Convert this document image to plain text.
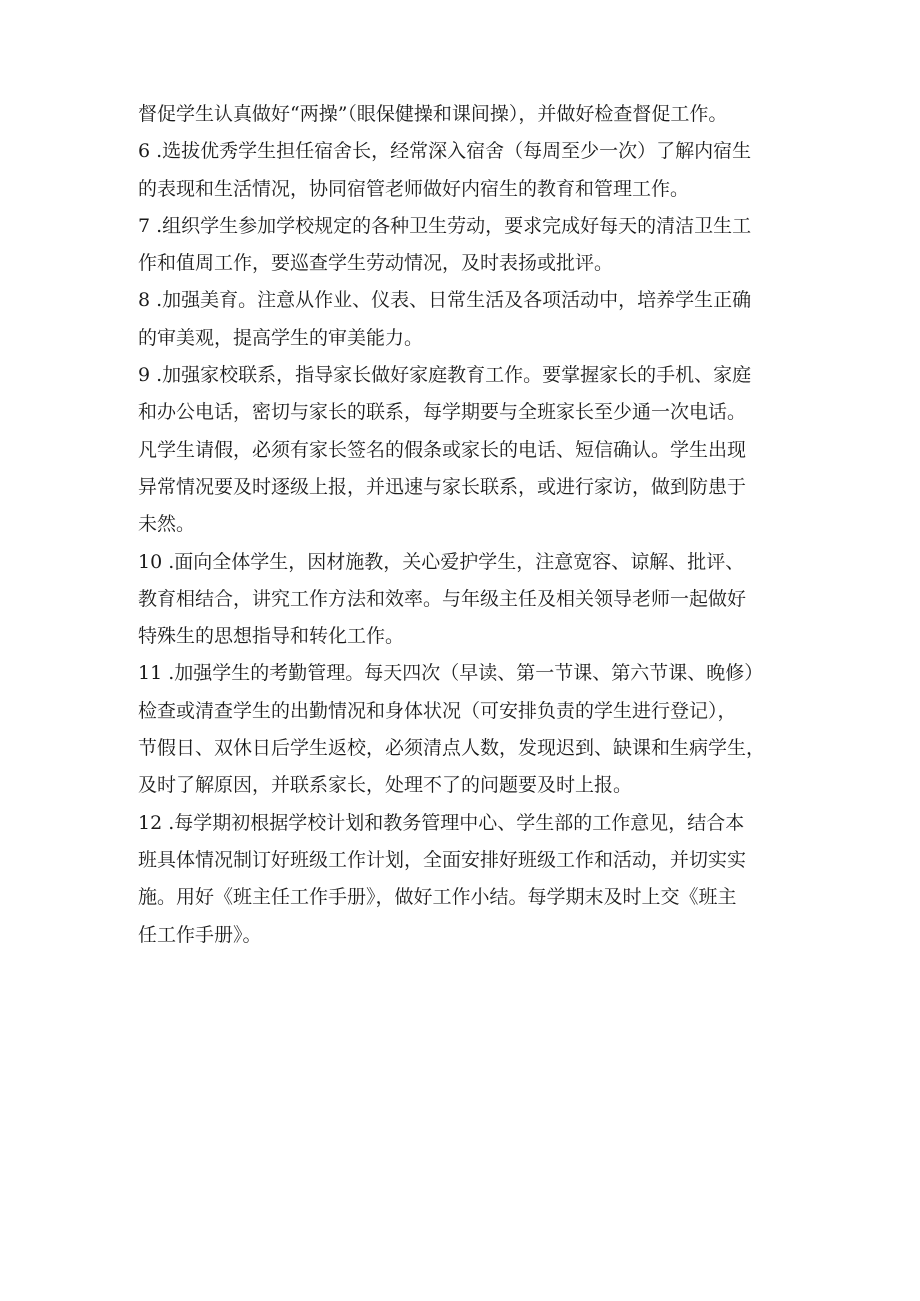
督促学生认真做好“两操”（眼保健操和课间操），并做好检查督促工作。

6 .选拔优秀学生担任宿舍长，经常深入宿舍（每周至少一次）了解内宿生

的表现和生活情况，协同宿管老师做好内宿生的教育和管理工作。

7 .组织学生参加学校规定的各种卫生劳动，要求完成好每天的清洁卫生工

作和值周工作，要巡查学生劳动情况，及时表扬或批评。

8 .加强美育。注意从作业、仪表、日常生活及各项活动中，培养学生正确

的审美观，提高学生的审美能力。

9 .加强家校联系，指导家长做好家庭教育工作。要掌握家长的手机、家庭

和办公电话，密切与家长的联系，每学期要与全班家长至少通一次电话。

凡学生请假，必须有家长签名的假条或家长的电话、短信确认。学生出现

异常情况要及时逐级上报，并迅速与家长联系，或进行家访，做到防患于

未然。

10 .面向全体学生，因材施教，关心爱护学生，注意宽容、谅解、批评、

教育相结合，讲究工作方法和效率。与年级主任及相关领导老师一起做好

特殊生的思想指导和转化工作。

11 .加强学生的考勤管理。每天四次（早读、第一节课、第六节课、晚修）

检查或清查学生的出勤情况和身体状况（可安排负责的学生进行登记），

节假日、双休日后学生返校，必须清点人数，发现迟到、缺课和生病学生，

及时了解原因，并联系家长，处理不了的问题要及时上报。

12 .每学期初根据学校计划和教务管理中心、学生部的工作意见，结合本

班具体情况制订好班级工作计划，全面安排好班级工作和活动，并切实实

施。用好《班主任工作手册》，做好工作小结。每学期末及时上交《班主

任工作手册》。
